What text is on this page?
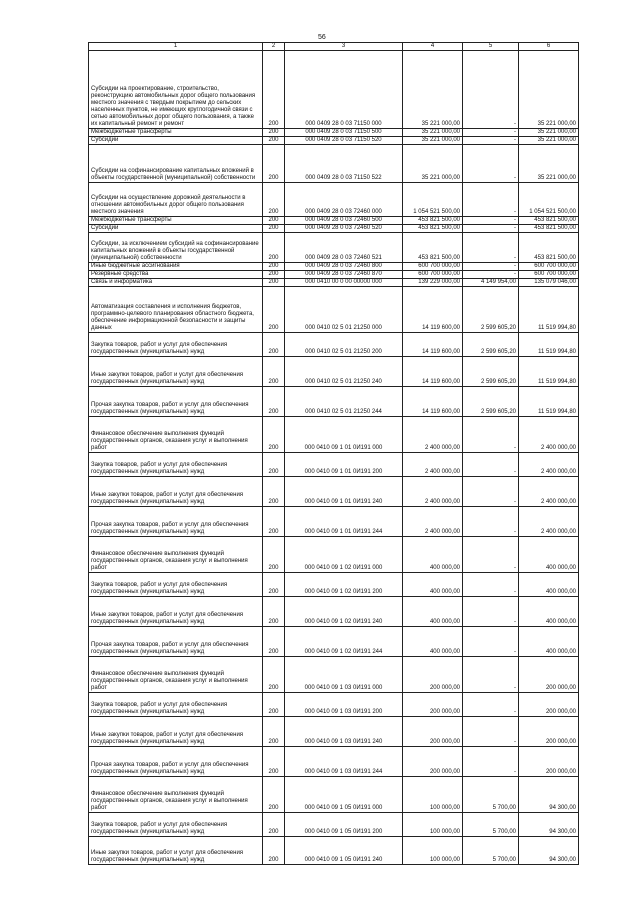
56
1	2	3	4	5	6
Субсидии на проектирование, строительство, реконструкцию автомобильных дорог общего пользования местного значения с твердым покрытием до сельских населенных пунктов, не имеющих круглогодичной связи с сетью автомобильных дорог общего пользования, а также их капитальный ремонт и ремонт	200	000 0409 28 0 03 71150 000	35 221 000,00	-	35 221 000,00
Межбюджетные трансферты	200	000 0409 28 0 03 71150 500	35 221 000,00	-	35 221 000,00
Субсидии	200	000 0409 28 0 03 71150 520	35 221 000,00	-	35 221 000,00
Субсидии на софинансирование капитальных вложений в объекты государственной (муниципальной) собственности	200	000 0409 28 0 03 71150 522	35 221 000,00	-	35 221 000,00
Субсидии на осуществление дорожной деятельности в отношении автомобильных дорог общего пользования местного значения	200	000 0409 28 0 03 72460 000	1 054 521 500,00	-	1 054 521 500,00
Межбюджетные трансферты	200	000 0409 28 0 03 72460 500	453 821 500,00	-	453 821 500,00
Субсидии	200	000 0409 28 0 03 72460 520	453 821 500,00	-	453 821 500,00
Субсидии, за исключением субсидий на софинансирование капитальных вложений в объекты государственной (муниципальной) собственности	200	000 0409 28 0 03 72460 521	453 821 500,00	-	453 821 500,00
Иные бюджетные ассигнования	200	000 0409 28 0 03 72460 800	600 700 000,00	-	600 700 000,00
Резервные средства	200	000 0409 28 0 03 72460 870	600 700 000,00	-	600 700 000,00
Связь и информатика	200	000 0410 00 0 00 00000 000	139 229 000,00	4 149 954,00	135 079 046,00
Автоматизация составления и исполнения бюджетов, программно-целевого планирования областного бюджета, обеспечение информационной безопасности и защиты данных	200	000 0410 02 5 01 21250 000	14 119 600,00	2 599 605,20	11 519 994,80
Закупка товаров, работ и услуг для обеспечения государственных (муниципальных) нужд	200	000 0410 02 5 01 21250 200	14 119 600,00	2 599 605,20	11 519 994,80
Иные закупки товаров, работ и услуг для обеспечения государственных (муниципальных) нужд	200	000 0410 02 5 01 21250 240	14 119 600,00	2 599 605,20	11 519 994,80
Прочая закупка товаров, работ и услуг для обеспечения государственных (муниципальных) нужд	200	000 0410 02 5 01 21250 244	14 119 600,00	2 599 605,20	11 519 994,80
Финансовое обеспечение выполнения функций государственных органов, оказания услуг и выполнения работ	200	000 0410 09 1 01 0И191 000	2 400 000,00	-	2 400 000,00
Закупка товаров, работ и услуг для обеспечения государственных (муниципальных) нужд	200	000 0410 09 1 01 0И191 200	2 400 000,00	-	2 400 000,00
Иные закупки товаров, работ и услуг для обеспечения государственных (муниципальных) нужд	200	000 0410 09 1 01 0И191 240	2 400 000,00	-	2 400 000,00
Прочая закупка товаров, работ и услуг для обеспечения государственных (муниципальных) нужд	200	000 0410 09 1 01 0И191 244	2 400 000,00	-	2 400 000,00
Финансовое обеспечение выполнения функций государственных органов, оказания услуг и выполнения работ	200	000 0410 09 1 02 0И191 000	400 000,00	-	400 000,00
Закупка товаров, работ и услуг для обеспечения государственных (муниципальных) нужд	200	000 0410 09 1 02 0И191 200	400 000,00	-	400 000,00
Иные закупки товаров, работ и услуг для обеспечения государственных (муниципальных) нужд	200	000 0410 09 1 02 0И191 240	400 000,00	-	400 000,00
Прочая закупка товаров, работ и услуг для обеспечения государственных (муниципальных) нужд	200	000 0410 09 1 02 0И191 244	400 000,00	-	400 000,00
Финансовое обеспечение выполнения функций государственных органов, оказания услуг и выполнения работ	200	000 0410 09 1 03 0И191 000	200 000,00	-	200 000,00
Закупка товаров, работ и услуг для обеспечения государственных (муниципальных) нужд	200	000 0410 09 1 03 0И191 200	200 000,00	-	200 000,00
Иные закупки товаров, работ и услуг для обеспечения государственных (муниципальных) нужд	200	000 0410 09 1 03 0И191 240	200 000,00	-	200 000,00
Прочая закупка товаров, работ и услуг для обеспечения государственных (муниципальных) нужд	200	000 0410 09 1 03 0И191 244	200 000,00	-	200 000,00
Финансовое обеспечение выполнения функций государственных органов, оказания услуг и выполнения работ	200	000 0410 09 1 05 0И191 000	100 000,00	5 700,00	94 300,00
Закупка товаров, работ и услуг для обеспечения государственных (муниципальных) нужд	200	000 0410 09 1 05 0И191 200	100 000,00	5 700,00	94 300,00
Иные закупки товаров, работ и услуг для обеспечения государственных (муниципальных) нужд	200	000 0410 09 1 05 0И191 240	100 000,00	5 700,00	94 300,00
